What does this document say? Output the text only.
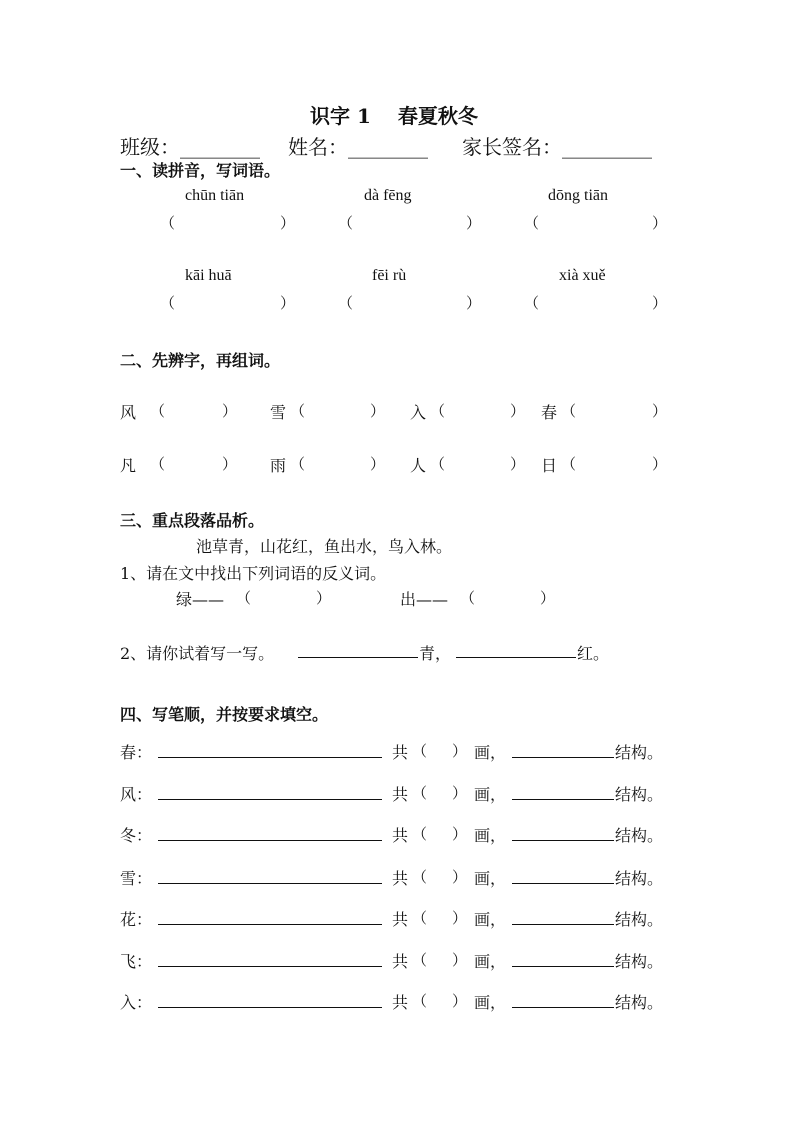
识字 1　 春夏秋冬
班级：________ 姓名：________ 家长签名：_________
一、读拼音，写词语。
chūn tiān	dà fēng	dōng tiān
（	）	（	）	（	）
kāi huā	fēi rù	xià xuě
（	）	（	）	（	）
二、先辨字，再组词。
风 （	） 雪 （	） 入 （	） 春 （	）
凡 （	） 雨 （	） 人 （	） 日 （	）
三、重点段落品析。
池草青，山花红，鱼出水，鸟入林。
1、请在文中找出下列词语的反义词。
绿—— （	）	出—— （	）
2、请你试着写一写。	青，	红。
四、写笔顺，并按要求填空。
春 ：	共 （ ） 画，	结构。
风 ：	共 （ ） 画，	结构。
冬 ：	共 （ ） 画，	结构。
雪 ：	共 （ ） 画，	结构。
花 ：	共 （ ） 画，	结构。
飞 ：	共 （ ） 画，	结构。
入 ：	共 （ ） 画，	结构。
